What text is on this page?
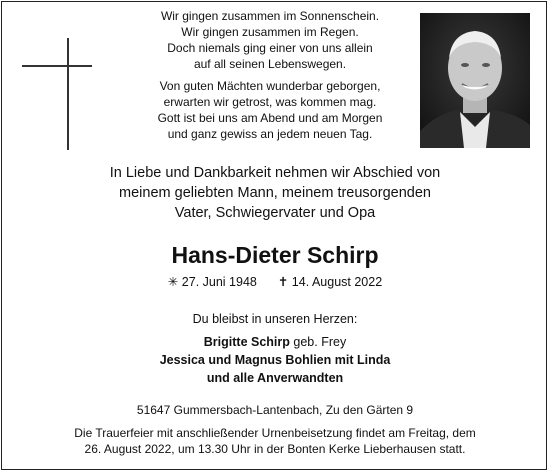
Wir gingen zusammen im Sonnenschein.

Wir gingen zusammen im Regen.

Doch niemals ging einer von uns allein

auf all seinen Lebenswegen.

Von guten Mächten wunderbar geborgen,

erwarten wir getrost, was kommen mag.

Gott ist bei uns am Abend und am Morgen

und ganz gewiss an jedem neuen Tag.

In Liebe und Dankbarkeit nehmen wir Abschied von

meinem geliebten Mann, meinem treusorgenden

Vater, Schwiegervater und Opa

Hans-Dieter Schirp
✳ 27. Juni 1948 ✝ 14. August 2022
Du bleibst in unseren Herzen:

Brigitte Schirp geb. Frey

Jessica und Magnus Bohlien mit Linda

und alle Anverwandten

51647 Gummersbach-Lantenbach, Zu den Gärten 9

Die Trauerfeier mit anschließender Urnenbeisetzung findet am Freitag, dem

26. August 2022, um 13.30 Uhr in der Bonten Kerke Lieberhausen statt.
